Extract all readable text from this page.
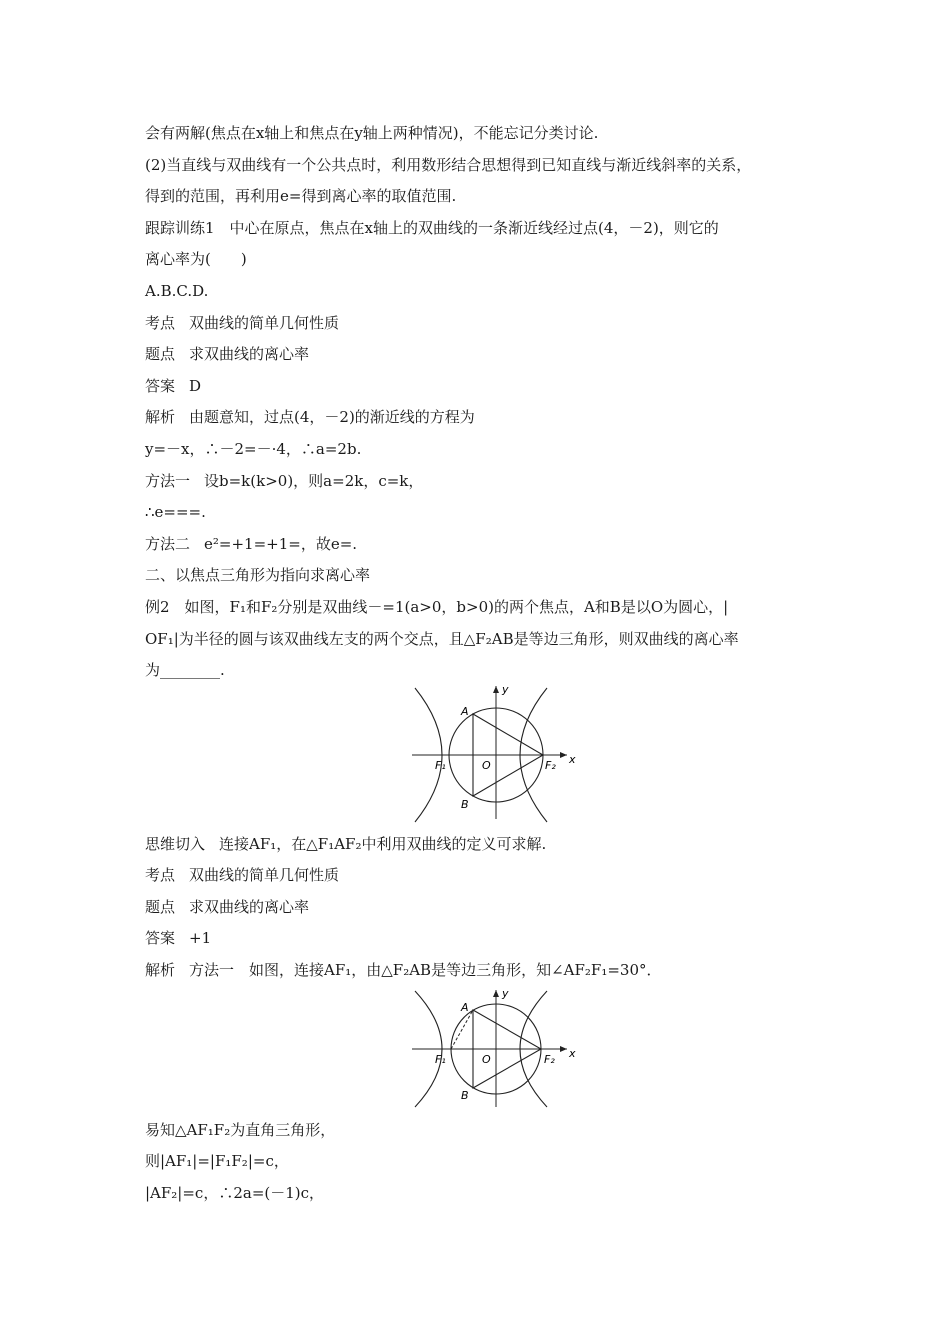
会有两解(焦点在x轴上和焦点在y轴上两种情况)，不能忘记分类讨论.
(2)当直线与双曲线有一个公共点时，利用数形结合思想得到已知直线与渐近线斜率的关系，
得到的范围，再利用e=得到离心率的取值范围.
跟踪训练1　中心在原点，焦点在x轴上的双曲线的一条渐近线经过点(4，－2)，则它的
离心率为(　　)
A.B.C.D.
考点 双曲线的简单几何性质
题点 求双曲线的离心率
答案 D
解析 由题意知，过点(4，－2)的渐近线的方程为
y=－x，∴－2=－·4，∴a=2b.
方法一 设b=k(k>0)，则a=2k，c=k，
∴e===.
方法二 e²=+1=+1=，故e=.
二、以焦点三角形为指向求离心率
例2　如图，F₁和F₂分别是双曲线－=1(a>0，b>0)的两个焦点，A和B是以O为圆心，|
OF₁|为半径的圆与该双曲线左支的两个交点，且△F₂AB是等边三角形，则双曲线的离心率
为________.
A
B
O
F₁	F₂ x
y
思维切入 连接AF₁，在△F₁AF₂中利用双曲线的定义可求解.
考点 双曲线的简单几何性质
题点 求双曲线的离心率
答案 +1
解析 方法一　如图，连接AF₁，由△F₂AB是等边三角形，知∠AF₂F₁=30°．
A
B
O
F₁	F₂ x
y
易知△AF₁F₂为直角三角形，
则|AF₁|=|F₁F₂|=c，
|AF₂|=c，∴2a=(－1)c，
